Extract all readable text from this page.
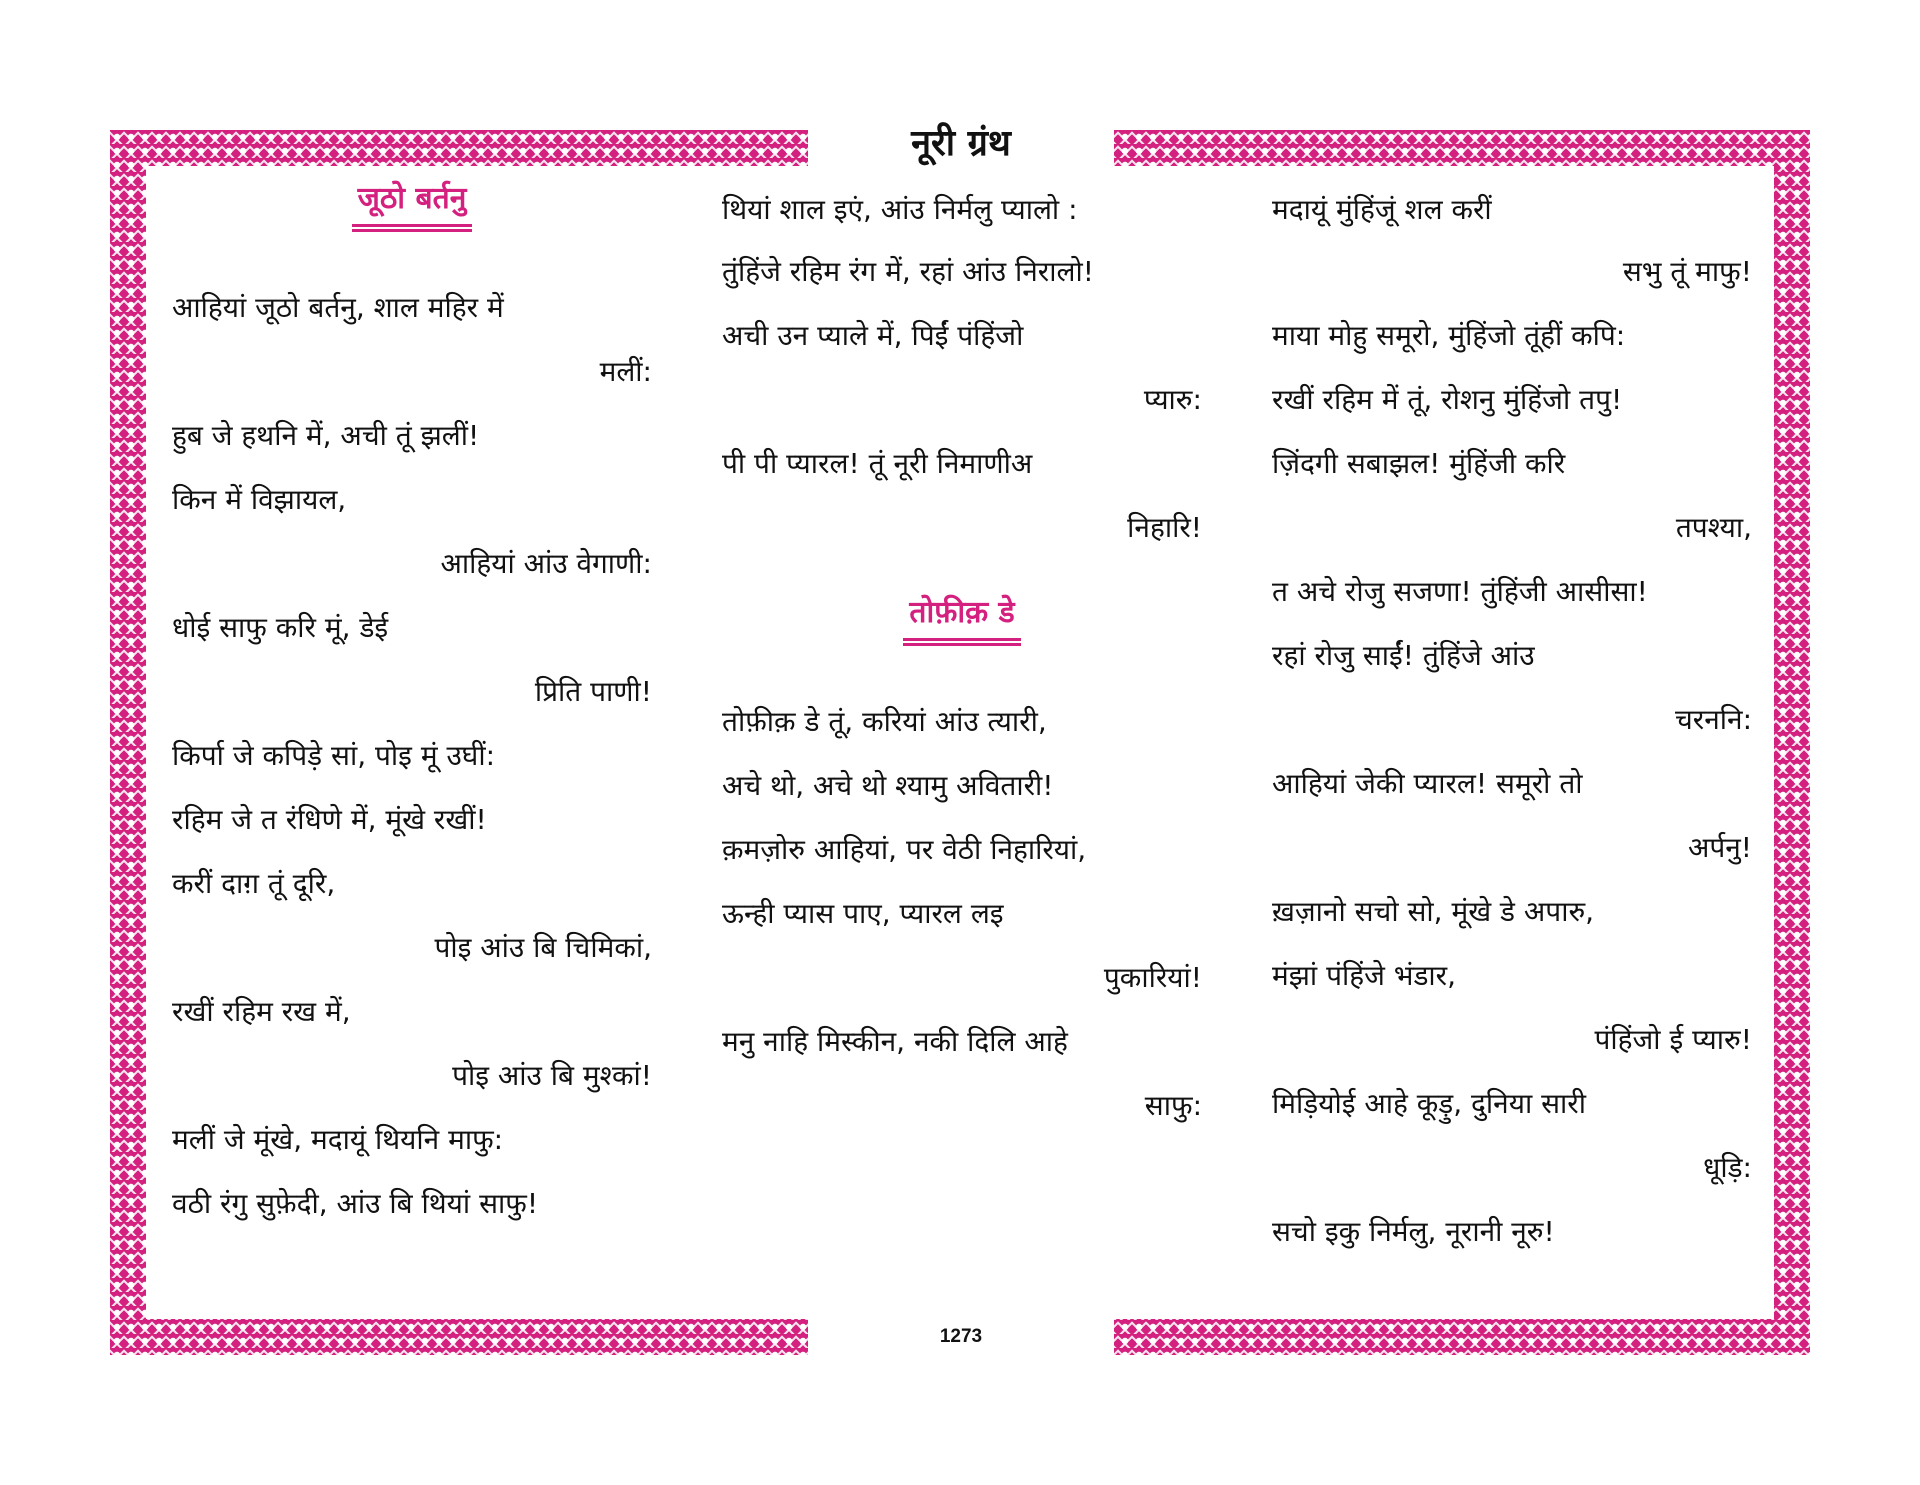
नूरी ग्रंथ
1273
जूठो बर्तनु
आहियां जूठो बर्तनु, शाल महिर में
मलीं:
हुब जे हथनि में, अची तूं झलीं!
किन में विझायल,
आहियां आंउ वेगाणी:
धोई साफु करि मूं, डेई
प्रिति पाणी!
किर्पा जे कपिड़े सां, पोइ मूं उघीं:
रहिम जे त रंधिणे में, मूंखे रखीं!
करीं दाग़ तूं दूरि,
पोइ आंउ बि चिमिकां,
रखीं रहिम रख में,
पोइ आंउ बि मुश्कां!
मलीं जे मूंखे, मदायूं थियनि माफु:
वठी रंगु सुफ़ेदी, आंउ बि थियां साफु!
थियां शाल इएं, आंउ निर्मलु प्यालो :
तुंहिंजे रहिम रंग में, रहां आंउ निरालो!
अची उन प्याले में, पिईं पंहिंजो
प्यारु:
पी पी प्यारल! तूं नूरी निमाणीअ
निहारि!
तोफ़ीक़ डे
तोफ़ीक़ डे तूं, करियां आंउ त्यारी,
अचे थो, अचे थो श्यामु अवितारी!
क़मज़ोरु आहियां, पर वेठी निहारियां,
ऊन्ही प्यास पाए, प्यारल लइ
पुकारियां!
मनु नाहि मिस्कीन, नकी दिलि आहे
साफु:
मदायूं मुंहिंजूं शल करीं
सभु तूं माफु!
माया मोहु समूरो, मुंहिंजो तूंहीं कपि:
रखीं रहिम में तूं, रोशनु मुंहिंजो तपु!
ज़िंदगी सबाझल! मुंहिंजी करि
तपश्या,
त अचे रोजु सजणा! तुंहिंजी आसीसा!
रहां रोजु साईं! तुंहिंजे आंउ
चरननि:
आहियां जेकी प्यारल! समूरो तो
अर्पनु!
ख़ज़ानो सचो सो, मूंखे डे अपारु,
मंझां पंहिंजे भंडार,
पंहिंजो ई प्यारु!
मिड़ियोई आहे कूड़ु, दुनिया सारी
धूड़ि:
सचो इकु निर्मलु, नूरानी नूरु!
